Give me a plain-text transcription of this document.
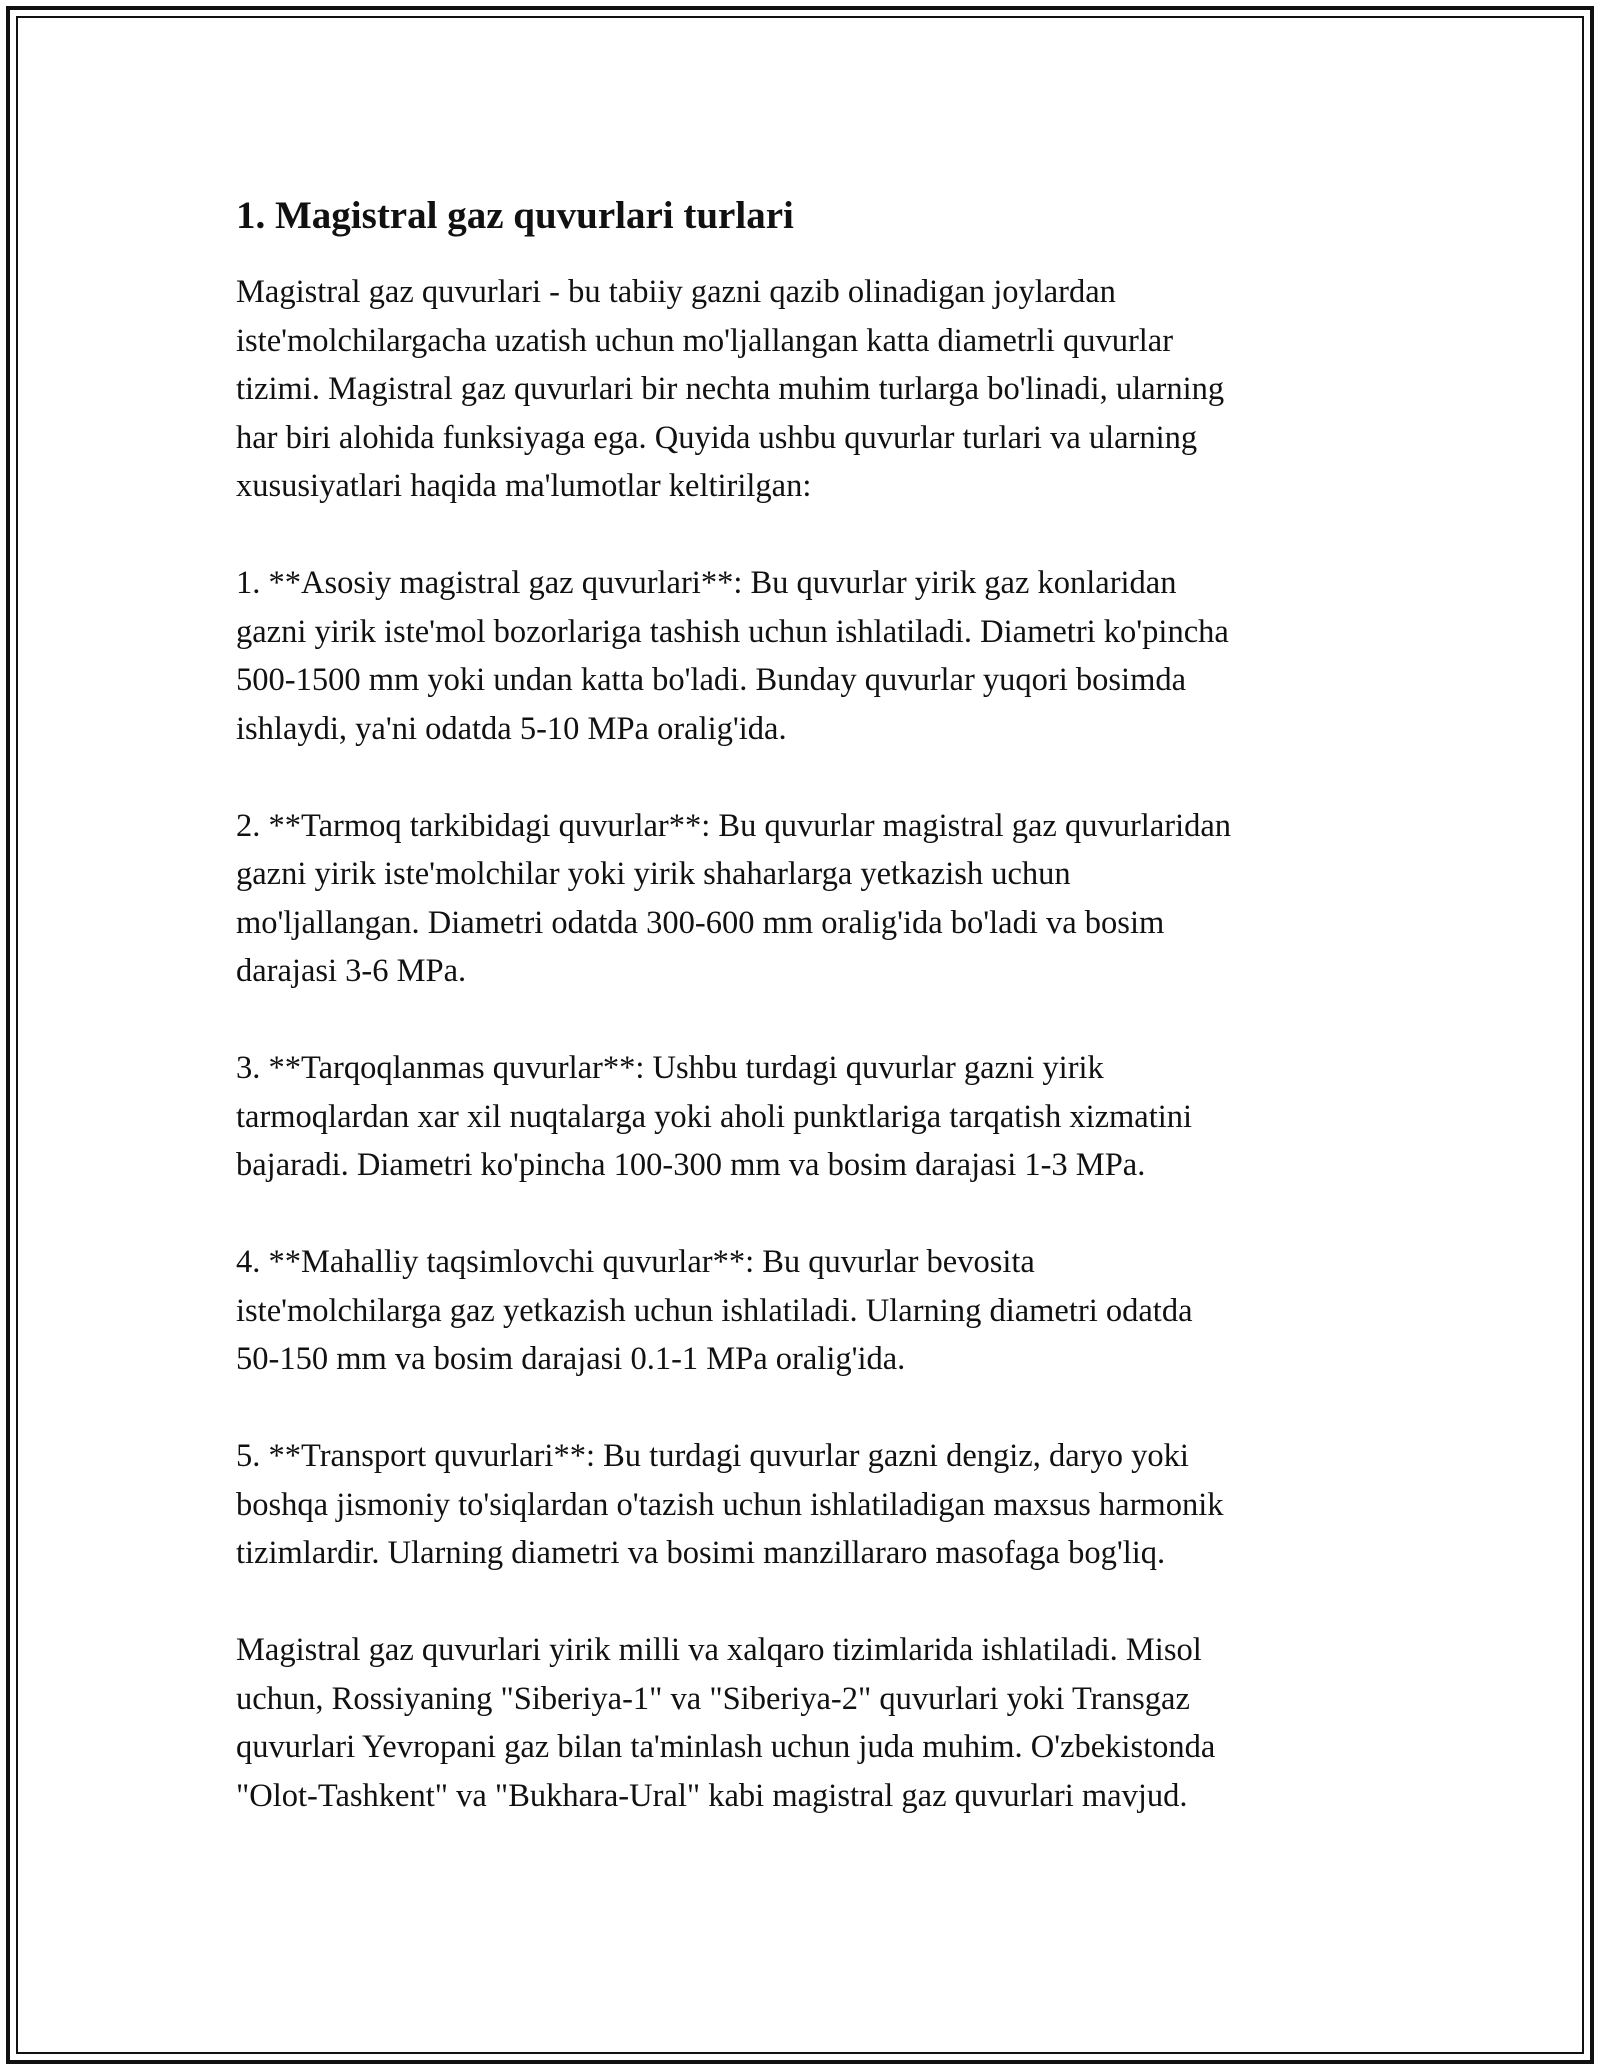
1. Magistral gaz quvurlari turlari

Magistral gaz quvurlari - bu tabiiy gazni qazib olinadigan joylardan
iste'molchilargacha uzatish uchun mo'ljallangan katta diametrli quvurlar
tizimi. Magistral gaz quvurlari bir nechta muhim turlarga bo'linadi, ularning
har biri alohida funksiyaga ega. Quyida ushbu quvurlar turlari va ularning
xususiyatlari haqida ma'lumotlar keltirilgan:

1. **Asosiy magistral gaz quvurlari**: Bu quvurlar yirik gaz konlaridan
gazni yirik iste'mol bozorlariga tashish uchun ishlatiladi. Diametri ko'pincha
500-1500 mm yoki undan katta bo'ladi. Bunday quvurlar yuqori bosimda
ishlaydi, ya'ni odatda 5-10 MPa oralig'ida.

2. **Tarmoq tarkibidagi quvurlar**: Bu quvurlar magistral gaz quvurlaridan
gazni yirik iste'molchilar yoki yirik shaharlarga yetkazish uchun
mo'ljallangan. Diametri odatda 300-600 mm oralig'ida bo'ladi va bosim
darajasi 3-6 MPa.

3. **Tarqoqlanmas quvurlar**: Ushbu turdagi quvurlar gazni yirik
tarmoqlardan xar xil nuqtalarga yoki aholi punktlariga tarqatish xizmatini
bajaradi. Diametri ko'pincha 100-300 mm va bosim darajasi 1-3 MPa.

4. **Mahalliy taqsimlovchi quvurlar**: Bu quvurlar bevosita
iste'molchilarga gaz yetkazish uchun ishlatiladi. Ularning diametri odatda
50-150 mm va bosim darajasi 0.1-1 MPa oralig'ida.

5. **Transport quvurlari**: Bu turdagi quvurlar gazni dengiz, daryo yoki
boshqa jismoniy to'siqlardan o'tazish uchun ishlatiladigan maxsus harmonik
tizimlardir. Ularning diametri va bosimi manzillararo masofaga bog'liq.

Magistral gaz quvurlari yirik milli va xalqaro tizimlarida ishlatiladi. Misol
uchun, Rossiyaning "Siberiya-1" va "Siberiya-2" quvurlari yoki Transgaz
quvurlari Yevropani gaz bilan ta'minlash uchun juda muhim. O'zbekistonda
"Olot-Tashkent" va "Bukhara-Ural" kabi magistral gaz quvurlari mavjud.
